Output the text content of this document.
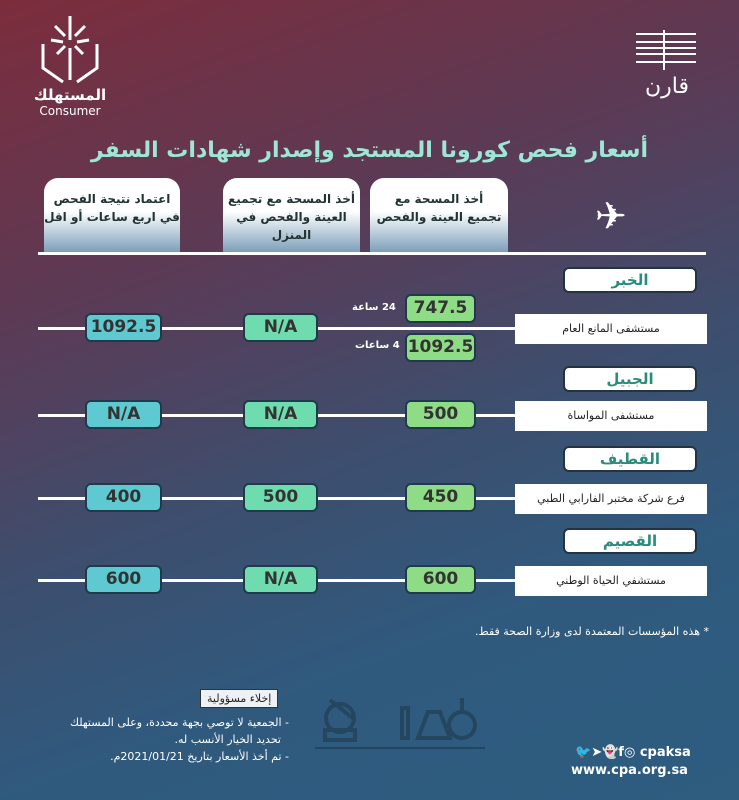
المستهلك
Consumer
قارن
أسعار فحص كورونا المستجد وإصدار شهادات السفر
✈
أخذ المسحة مع
تجميع العينة والفحص
أخذ المسحة مع تجميع
العينة والفحص في المنزل
اعتماد نتيجة الفحص
في اربع ساعات أو اقل
الخبر
مستشفى المانع العام
747.5
24 ساعة
1092.5
4 ساعات
N/A
1092.5
الجبيل
مستشفى المواساة
500
N/A
N/A
القطيف
فرع شركة مختبر الفارابي الطبي
450
500
400
القصيم
مستشفي الحياة الوطني
600
N/A
600
* هذه المؤسسات المعتمدة لدى وزارة الصحة فقط.
إخلاء مسؤولية
- الجمعية لا توصي بجهة محددة، وعلى المستهلك
تحديد الخيار الأنسب له.
- تم أخذ الأسعار بتاريخ 2021/01/21م.	🐦➤👻f◎ cpaksa
www.cpa.org.sa
